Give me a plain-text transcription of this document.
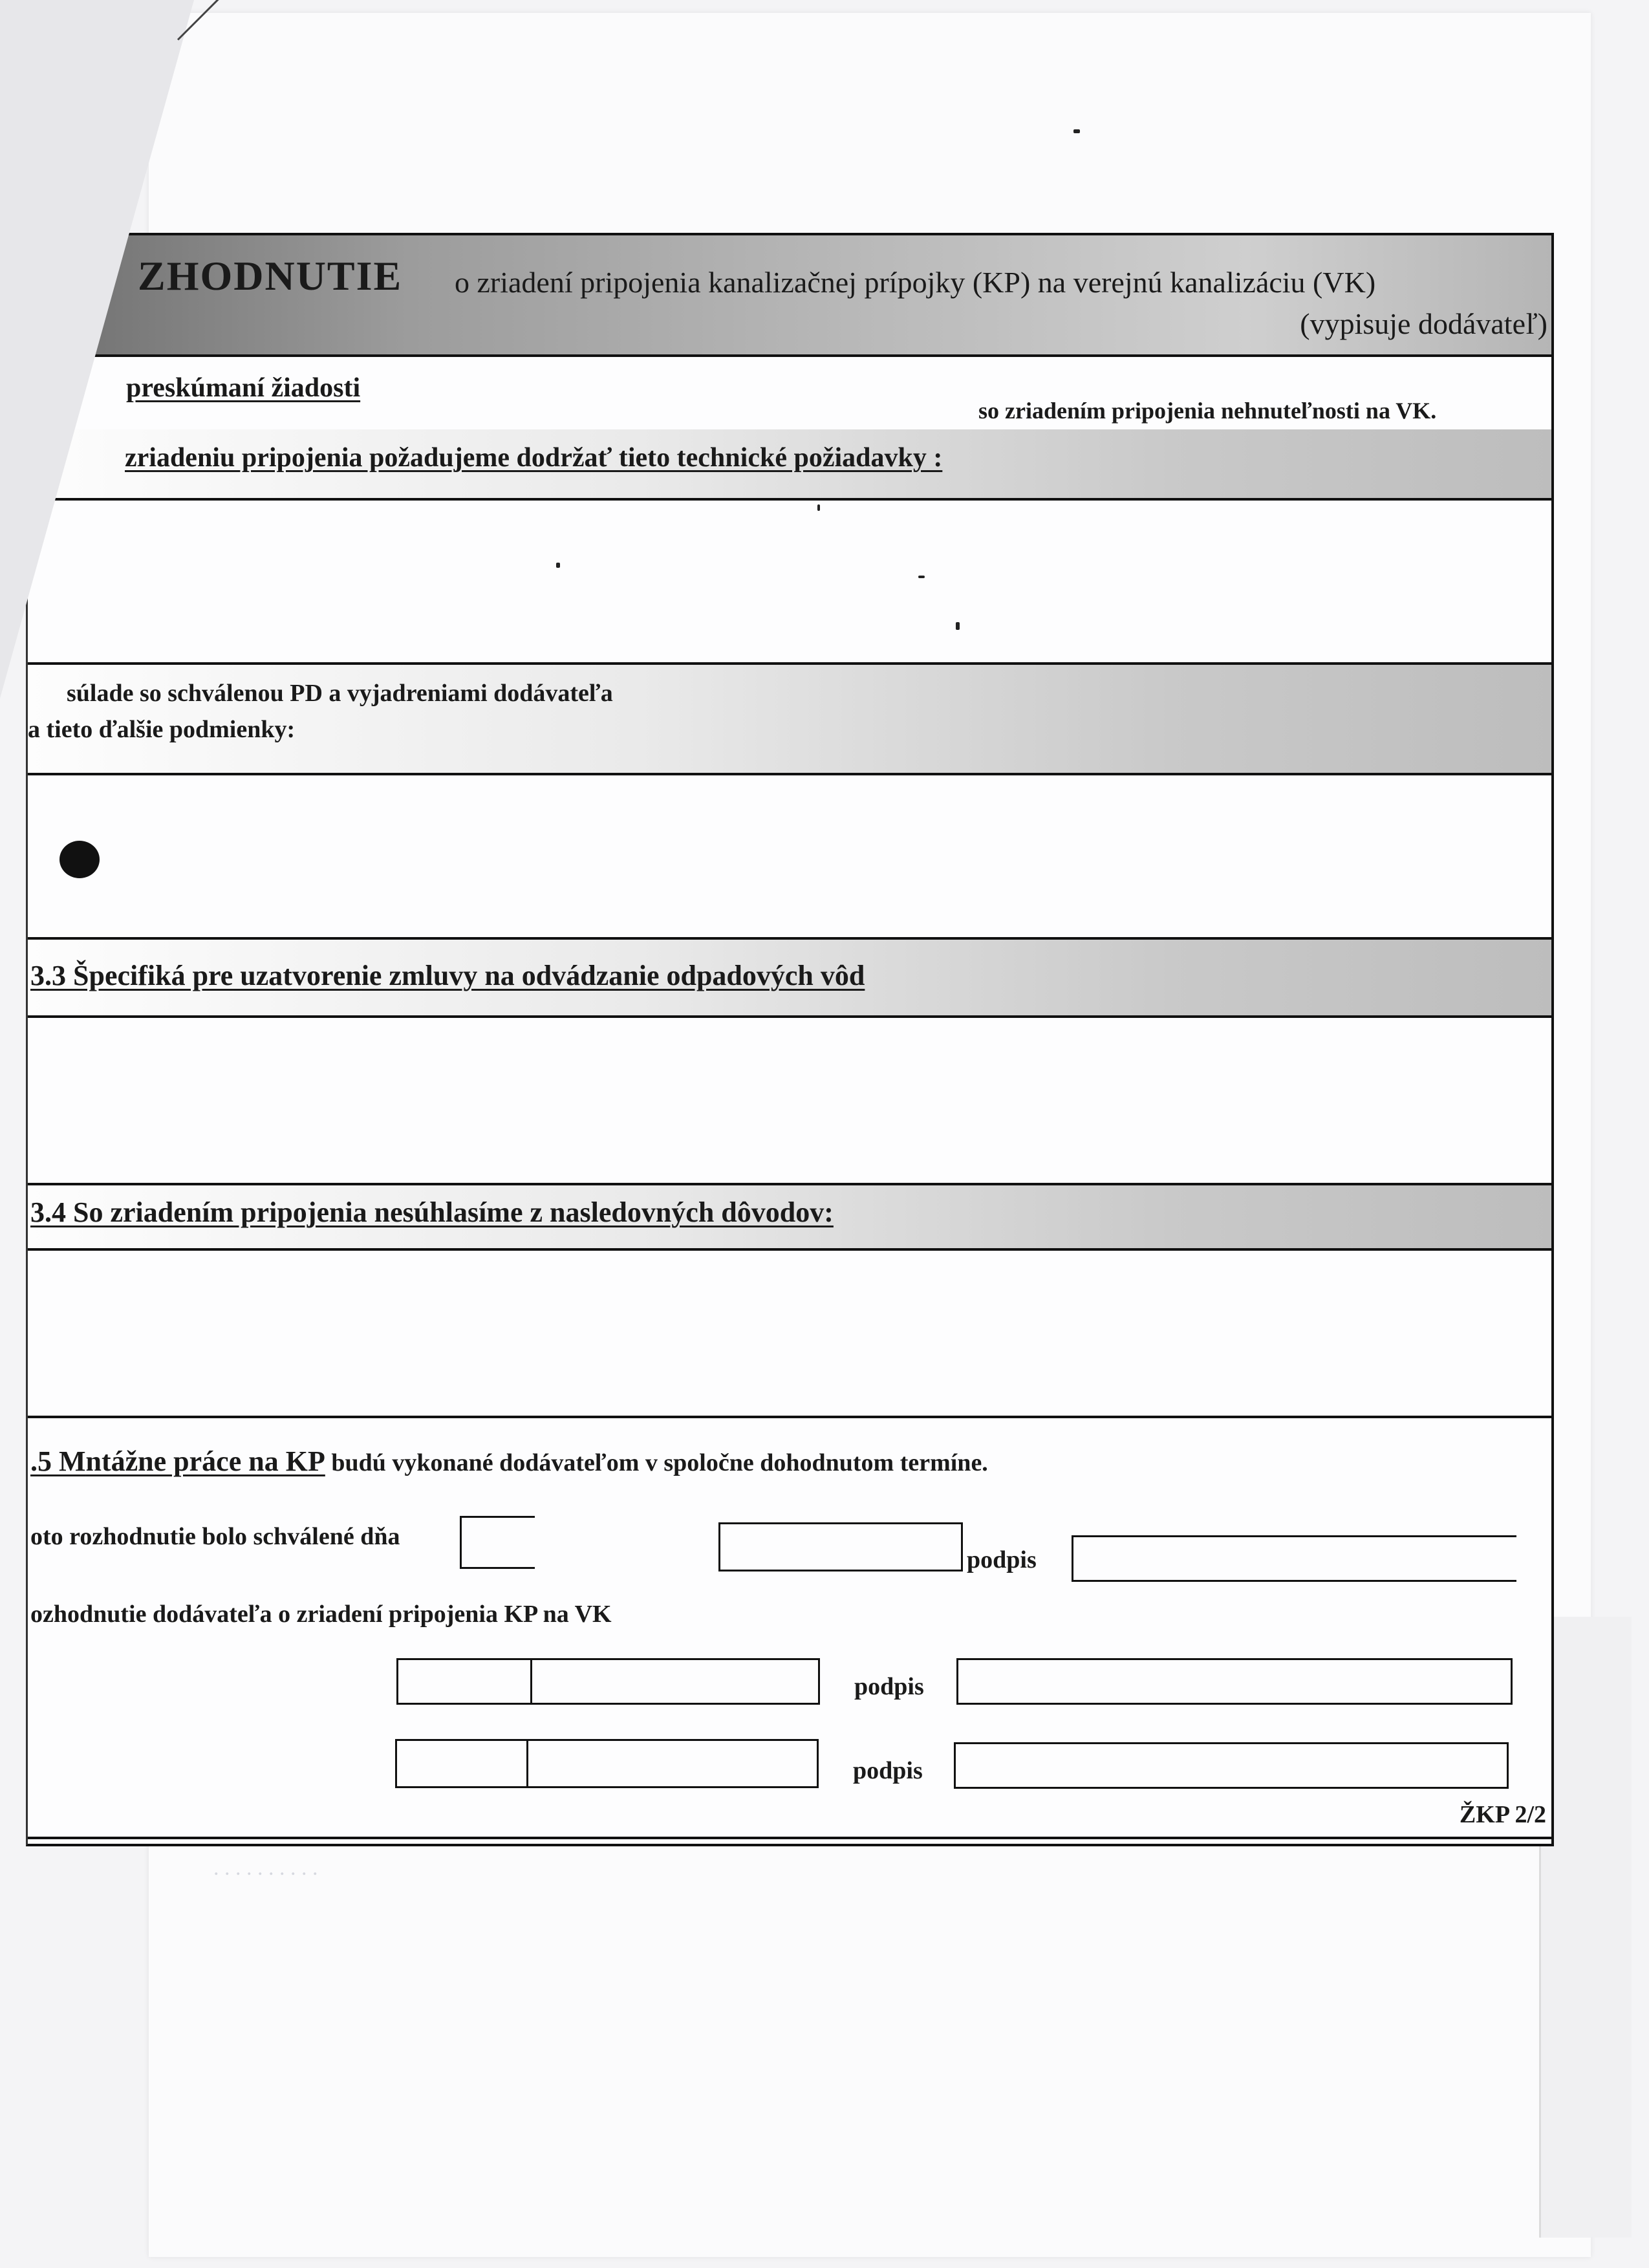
. . . . . . . . . .
ZHODNUTIE o zriadení pripojenia kanalizačnej prípojky (KP) na verejnú kanalizáciu (VK)
(vypisuje dodávateľ)
preskúmaní žiadosti
so zriadením pripojenia nehnuteľnosti na VK.
zriadeniu pripojenia požadujeme dodržať tieto technické požiadavky :
súlade so schválenou PD a vyjadreniami dodávateľa
a tieto ďalšie podmienky:
3.3 Špecifiká pre uzatvorenie zmluvy na odvádzanie odpadových vôd
3.4 So zriadením pripojenia nesúhlasíme z nasledovných dôvodov:
.5 Mntážne práce na KP budú vykonané dodávateľom v spoločne dohodnutom termíne.
oto rozhodnutie bolo schválené dňa
podpis
ozhodnutie dodávateľa o zriadení pripojenia KP na VK
podpis
podpis
ŽKP 2/2
